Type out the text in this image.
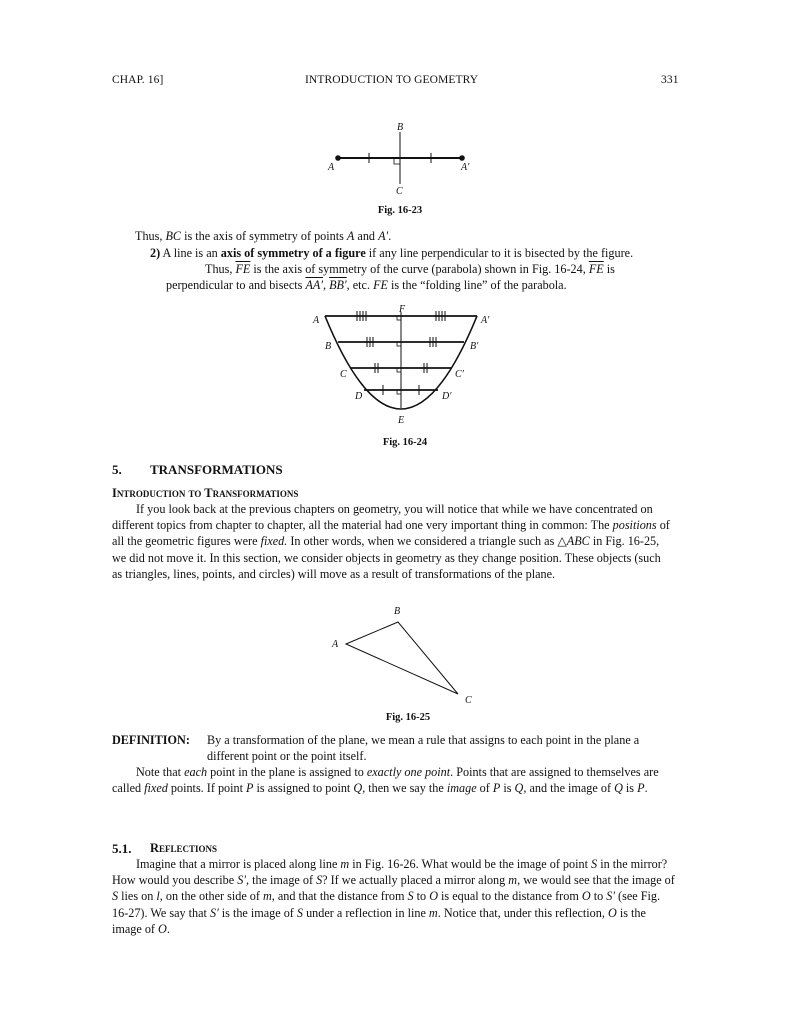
CHAP. 16]	INTRODUCTION TO GEOMETRY	331
B
A	A′
C
Fig. 16-23
Thus, BC is the axis of symmetry of points A and A′.
2) A line is an axis of symmetry of a figure if any line perpendicular to it is bisected by the figure.
Thus, $\overline{FE}$ is the axis of symmetry of the curve (parabola) shown in Fig. 16-24, $\overline{FE}$ is
perpendicular to and bisects AA′, BB′, etc. FE is the “folding line” of the parabola.
A	A′
F
B	B′
C	C′
D	D′
E
Fig. 16-24
5. TRANSFORMATIONS
Introduction to Transformations

If you look back at the previous chapters on geometry, you will notice that while we have concentrated on different topics from chapter to chapter, all the material had one very important thing in common: The positions of all the geometric figures were fixed. In other words, when we considered a triangle such as △ABC in Fig. 16-25, we did not move it. In this section, we consider objects in geometry as they change position. These objects (such as triangles, lines, points, and circles) will move as a result of transformations of the plane.

B
A
C
Fig. 16-25
DEFINITION: By a transformation of the plane, we mean a rule that assigns to each point in the plane a different point or the point itself.

Note that each point in the plane is assigned to exactly one point. Points that are assigned to themselves are called fixed points. If point P is assigned to point Q, then we say the image of P is Q, and the image of Q is P.

5.1. Reflections

Imagine that a mirror is placed along line m in Fig. 16-26. What would be the image of point S in the mirror? How would you describe S′, the image of S? If we actually placed a mirror along m, we would see that the image of S lies on l, on the other side of m, and that the distance from S to O is equal to the distance from O to S′ (see Fig. 16-27). We say that S′ is the image of S under a reflection in line m. Notice that, under this reflection, O is the image of O.
